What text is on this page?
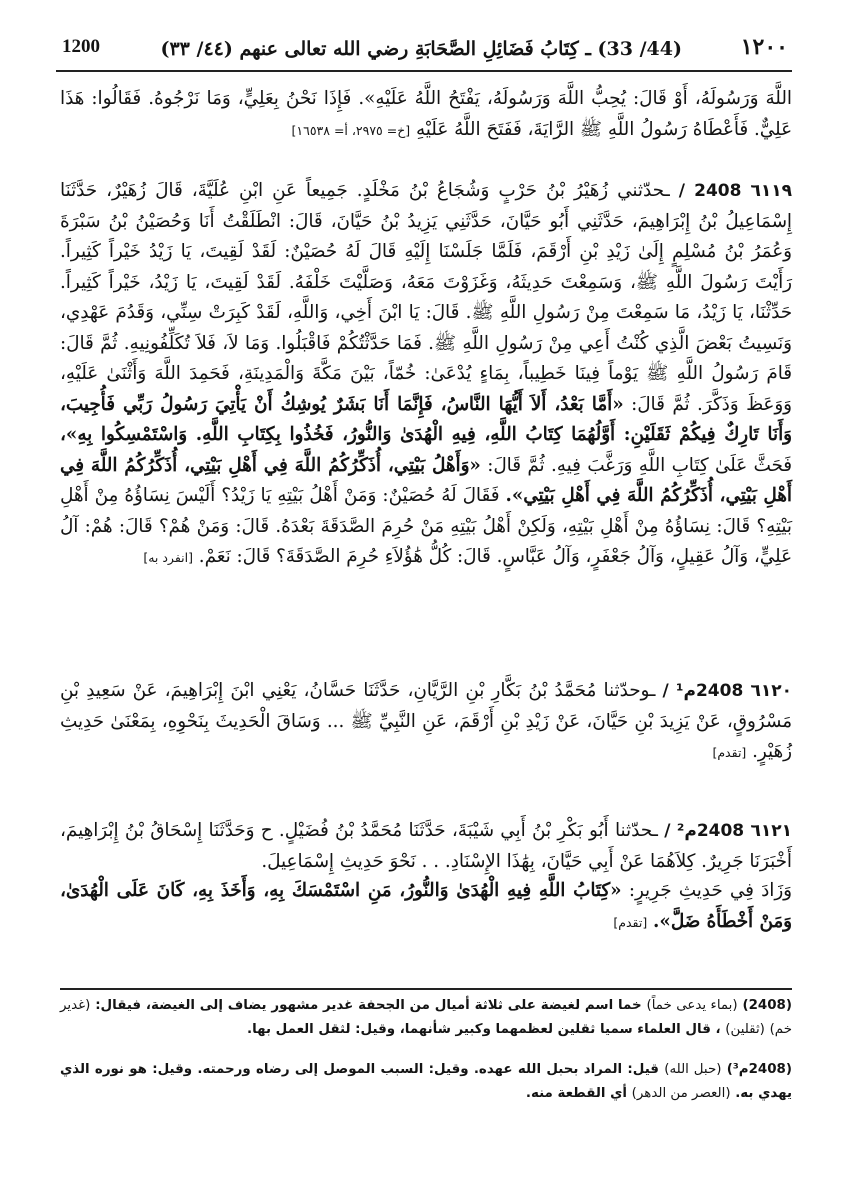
1200	(44/ 33) ـ كِتَابُ فَضَائِلِ الصَّحَابَةِ رضي الله تعالى عنهم (٤٤/ ٣٣)	١٢٠٠

اللَّهَ وَرَسُولَهُ، أَوْ قَالَ: يُحِبُّ اللَّهَ وَرَسُولَهُ، يَفْتَحُ اللَّهُ عَلَيْهِ». فَإِذَا نَحْنُ بِعَلِيٍّ، وَمَا نَرْجُوهُ. فَقَالُوا: هَذَا عَلِيٌّ. فَأَعْطَاهُ رَسُولُ اللَّهِ ﷺ الرَّايَةَ، فَفَتَحَ اللَّهُ عَلَيْهِ [خ= ٢٩٧٥، أ= ١٦٥٣٨]

٦١١٩ 2408 / ـحدّثني زُهَيْرُ بْنُ حَرْبٍ وَشُجَاعُ بْنُ مَخْلَدٍ. جَمِيعاً عَنِ ابْنِ عُلَيَّةَ، قَالَ زُهَيْرٌ، حَدَّثَنَا إِسْمَاعِيلُ بْنُ إِبْرَاهِيمَ، حَدَّثَنِي أَبُو حَيَّانَ، حَدَّثَنِي يَزِيدُ بْنُ حَيَّانَ، قَالَ: انْطَلَقْتُ أَنَا وَحُصَيْنُ بْنُ سَبْرَةَ وَعُمَرُ بْنُ مُسْلِمٍ إِلَىٰ زَيْدِ بْنِ أَرْقَمَ، فَلَمَّا جَلَسْنَا إِلَيْهِ قَالَ لَهُ حُصَيْنٌ: لَقَدْ لَقِيتَ، يَا زَيْدُ خَيْراً كَثِيراً. رَأَيْتَ رَسُولَ اللَّهِ ﷺ، وَسَمِعْتَ حَدِيثَهُ، وَغَزَوْتَ مَعَهُ، وَصَلَّيْتَ خَلْفَهُ. لَقَدْ لَقِيتَ، يَا زَيْدُ، خَيْراً كَثِيراً. حَدِّثْنَا، يَا زَيْدُ، مَا سَمِعْتَ مِنْ رَسُولِ اللَّهِ ﷺ. قَالَ: يَا ابْنَ أَخِي، وَاللَّهِ، لَقَدْ كَبِرَتْ سِنِّي، وَقَدُمَ عَهْدِي، وَنَسِيتُ بَعْضَ الَّذِي كُنْتُ أَعِي مِنْ رَسُولِ اللَّهِ ﷺ. فَمَا حَدَّثْتُكُمْ فَاقْبَلُوا. وَمَا لاَ، فَلاَ تُكَلِّفُونِيهِ. ثُمَّ قَالَ: قَامَ رَسُولُ اللَّهِ ﷺ يَوْماً فِينَا خَطِيباً، بِمَاءٍ يُدْعَىٰ: خُمّاً، بَيْنَ مَكَّةَ وَالْمَدِينَةِ، فَحَمِدَ اللَّهَ وَأَثْنَىٰ عَلَيْهِ، وَوَعَظَ وَذَكَّرَ. ثُمَّ قَالَ: «أَمَّا بَعْدُ، أَلاَ أَيُّهَا النَّاسُ، فَإِنَّمَا أَنَا بَشَرٌ يُوشِكُ أَنْ يَأْتِيَ رَسُولُ رَبِّي فَأُجِيبَ، وَأَنَا تَارِكٌ فِيكُمْ ثَقَلَيْنِ: أَوَّلُهُمَا كِتَابُ اللَّهِ، فِيهِ الْهُدَىٰ وَالنُّورُ، فَخُذُوا بِكِتَابِ اللَّهِ. وَاسْتَمْسِكُوا بِهِ»، فَحَثَّ عَلَىٰ كِتَابِ اللَّهِ وَرَغَّبَ فِيهِ. ثُمَّ قَالَ: «وَأَهْلُ بَيْتِي، أُذَكِّرُكُمُ اللَّهَ فِي أَهْلِ بَيْتِي، أُذَكِّرُكُمُ اللَّهَ فِي أَهْلِ بَيْتِي، أُذَكِّرُكُمُ اللَّهَ فِي أَهْلِ بَيْتِي». فَقَالَ لَهُ حُصَيْنٌ: وَمَنْ أَهْلُ بَيْتِهِ يَا زَيْدُ؟ أَلَيْسَ نِسَاؤُهُ مِنْ أَهْلِ بَيْتِهِ؟ قَالَ: نِسَاؤُهُ مِنْ أَهْلِ بَيْتِهِ، وَلَكِنْ أَهْلُ بَيْتِهِ مَنْ حُرِمَ الصَّدَقَةَ بَعْدَهُ. قَالَ: وَمَنْ هُمْ؟ قَالَ: هُمْ: آلُ عَلِيٍّ، وَآلُ عَقِيلٍ، وَآلُ جَعْفَرٍ، وَآلُ عَبَّاسٍ. قَالَ: كُلُّ هَٰؤُلاَءِ حُرِمَ الصَّدَقَةَ؟ قَالَ: نَعَمْ. [انفرد به]

٦١٢٠ 2408م¹ / ـوحدّثنا مُحَمَّدُ بْنُ بَكَّارِ بْنِ الرَّيَّانِ، حَدَّثَنَا حَسَّانُ، يَعْنِي ابْنَ إِبْرَاهِيمَ، عَنْ سَعِيدِ بْنِ مَسْرُوقٍ، عَنْ يَزِيدَ بْنِ حَيَّانَ، عَنْ زَيْدِ بْنِ أَرْقَمَ، عَنِ النَّبِيِّ ﷺ ... وَسَاقَ الْحَدِيثَ بِنَحْوِهِ، بِمَعْنَىٰ حَدِيثِ زُهَيْرٍ. [تقدم]

٦١٢١ 2408م² / ـحدّثنا أَبُو بَكْرِ بْنُ أَبِي شَيْبَةَ، حَدَّثَنَا مُحَمَّدُ بْنُ فُضَيْلٍ. ح وَحَدَّثَنَا إِسْحَاقُ بْنُ إِبْرَاهِيمَ، أَخْبَرَنَا جَرِيرٌ. كِلاَهُمَا عَنْ أَبِي حَيَّانَ، بِهَٰذَا الإِسْنَادِ. . . نَحْوَ حَدِيثِ إِسْمَاعِيلَ.

وَزَادَ فِي حَدِيثِ جَرِيرٍ: «كِتَابُ اللَّهِ فِيهِ الْهُدَىٰ وَالنُّورُ، مَنِ اسْتَمْسَكَ بِهِ، وَأَخَذَ بِهِ، كَانَ عَلَى الْهُدَىٰ، وَمَنْ أَخْطَأَهُ ضَلَّ». [تقدم]

(2408) (بماء يدعى خماً) خما اسم لغيضة على ثلاثة أميال من الجحفة غدير مشهور يضاف إلى الغيضة، فيقال: (غدير خم) (ثقلين) ، قال العلماء سميا ثقلين لعظمهما وكبير شأنهما، وقيل: لثقل العمل بها.
(2408م³) (حبل الله) قيل: المراد بحبل الله عهده. وقيل: السبب الموصل إلى رضاه ورحمته. وقيل: هو نوره الذي يهدي به. (العصر من الدهر) أي القطعة منه.
